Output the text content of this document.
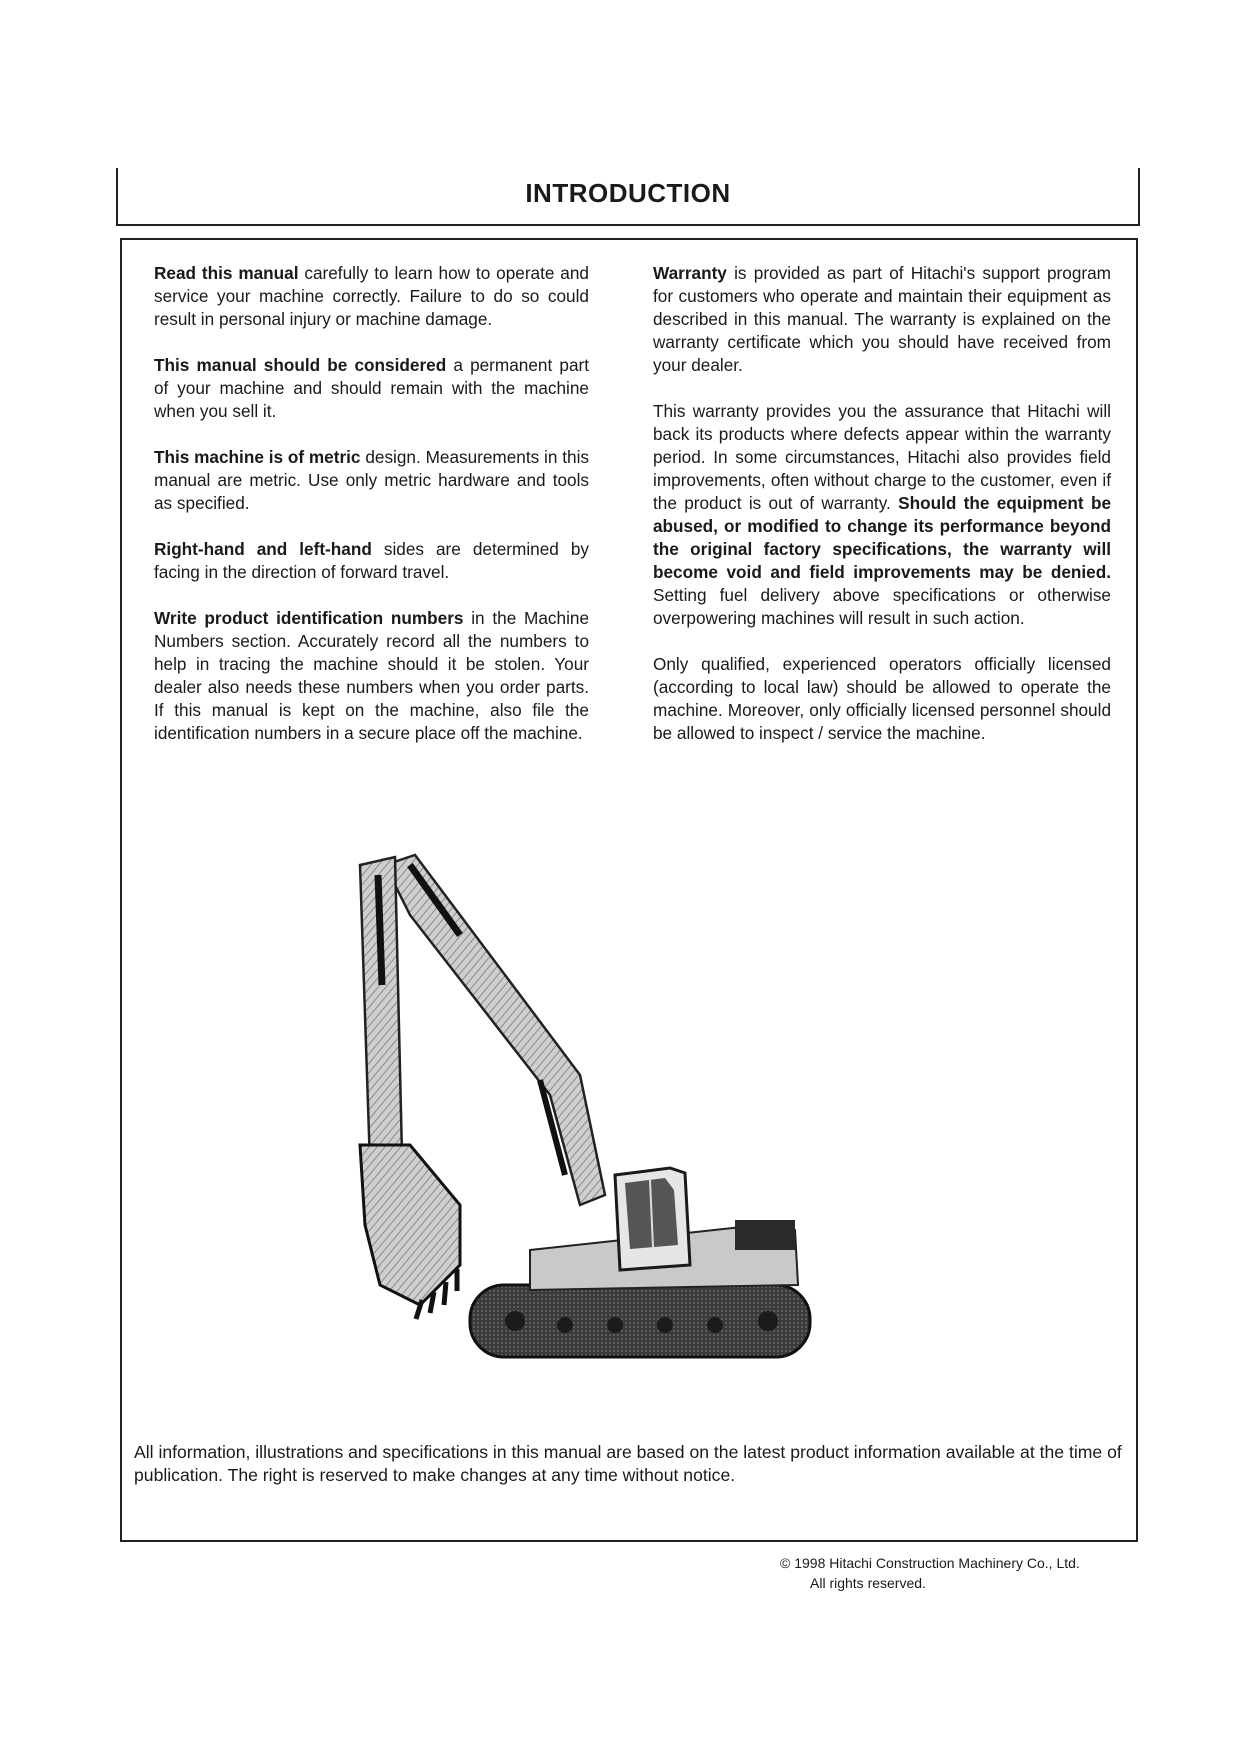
INTRODUCTION

Read this manual carefully to learn how to operate and service your machine correctly. Failure to do so could result in personal injury or machine damage.

This manual should be considered a permanent part of your machine and should remain with the machine when you sell it.

This machine is of metric design. Measurements in this manual are metric. Use only metric hardware and tools as specified.

Right-hand and left-hand sides are determined by facing in the direction of forward travel.

Write product identification numbers in the Machine Numbers section. Accurately record all the numbers to help in tracing the machine should it be stolen. Your dealer also needs these numbers when you order parts. If this manual is kept on the machine, also file the identification numbers in a secure place off the machine.

Warranty is provided as part of Hitachi's support program for customers who operate and maintain their equipment as described in this manual. The warranty is explained on the warranty certificate which you should have received from your dealer.

This warranty provides you the assurance that Hitachi will back its products where defects appear within the warranty period. In some circumstances, Hitachi also provides field improvements, often without charge to the customer, even if the product is out of warranty. Should the equipment be abused, or modified to change its performance beyond the original factory specifications, the warranty will become void and field improvements may be denied. Setting fuel delivery above specifications or otherwise overpowering machines will result in such action.

Only qualified, experienced operators officially licensed (according to local law) should be allowed to operate the machine. Moreover, only officially licensed personnel should be allowed to inspect / service the machine.

All information, illustrations and specifications in this manual are based on the latest product information available at the time of publication. The right is reserved to make changes at any time without notice.
© 1998 Hitachi Construction Machinery Co., Ltd.
All rights reserved.
